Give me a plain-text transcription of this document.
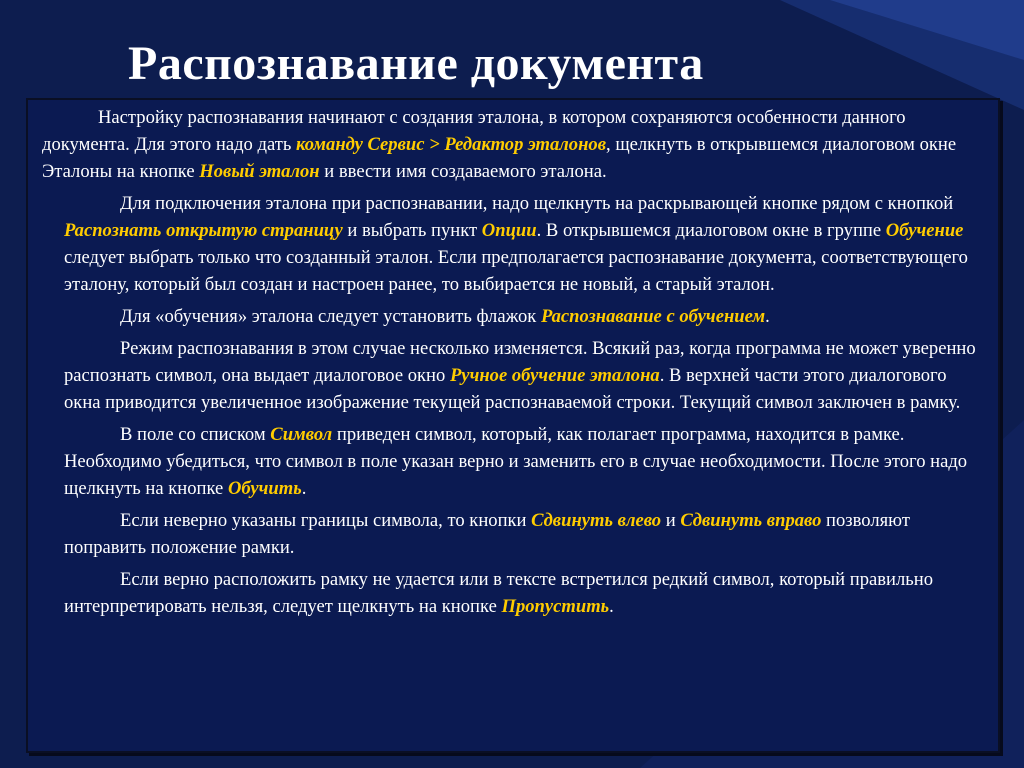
Распознавание документа

Настройку распознавания начинают с создания эталона, в котором сохраняются особенности данного документа. Для этого надо дать команду Сервис > Редактор эталонов, щелкнуть в открывшемся диалоговом окне Эталоны на кнопке Новый эталон и ввести имя создаваемого эталона.

Для подключения эталона при распознавании, надо щелкнуть на раскрывающей кнопке рядом с кнопкой Распознать открытую страницу и выбрать пункт Опции. В открывшемся диалоговом окне в группе Обучение следует выбрать только что созданный эталон. Если предполагается распознавание документа, соответствующего эталону, который был создан и настроен ранее, то выбирается не новый, а старый эталон.

Для «обучения» эталона следует установить флажок Распознавание с обучением.

Режим распознавания в этом случае несколько изменяется. Всякий раз, когда программа не может уверенно распознать символ, она выдает диалоговое окно Ручное обучение эталона. В верхней части этого диалогового окна приводится увеличенное изображение текущей распознаваемой строки. Текущий символ заключен в рамку.

В поле со списком Символ приведен символ, который, как полагает программа, находится в рамке. Необходимо убедиться, что символ в поле указан верно и заменить его в случае необходимости. После этого надо щелкнуть на кнопке Обучить.

Если неверно указаны границы символа, то кнопки Сдвинуть влево и Сдвинуть вправо позволяют поправить положение рамки.

Если верно расположить рамку не удается или в тексте встретился редкий символ, который правильно интерпретировать нельзя, следует щелкнуть на кнопке Пропустить.
